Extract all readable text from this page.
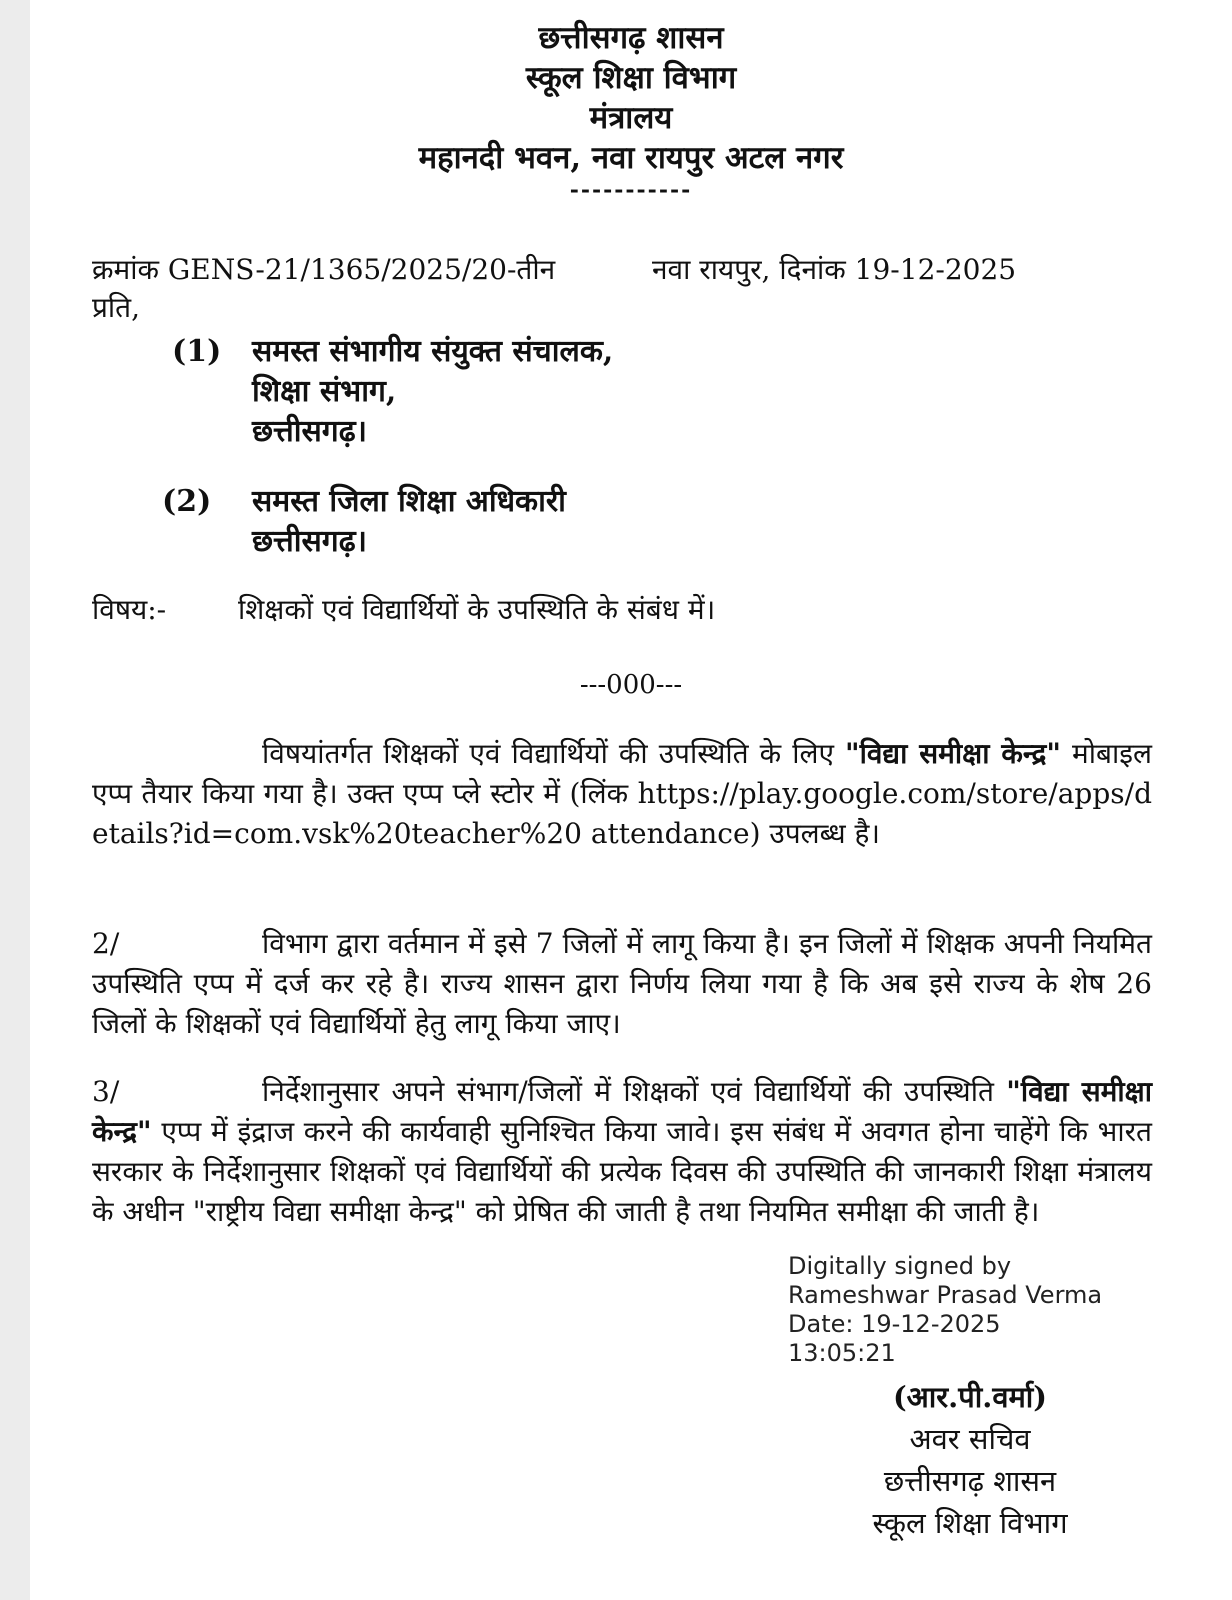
छत्तीसगढ़ शासन
स्कूल शिक्षा विभाग
मंत्रालय
महानदी भवन, नवा रायपुर अटल नगर
-----------
क्रमांक GENS-21/1365/2025/20-तीन	नवा रायपुर, दिनांक 19-12-2025
प्रति,
(1) समस्त संभागीय संयुक्त संचालक,
शिक्षा संभाग,
छत्तीसगढ़।
(2) समस्त जिला शिक्षा अधिकारी
छत्तीसगढ़।
विषय:-	शिक्षकों एवं विद्यार्थियों के उपस्थिति के संबंध में।
---000---
विषयांतर्गत शिक्षकों एवं विद्यार्थियों की उपस्थिति के लिए "विद्या समीक्षा केन्द्र" मोबाइल एप्प तैयार किया गया है। उक्त एप्प प्ले स्टोर में (लिंक https://play.google.com/store/apps/details?id=com.vsk%20teacher%20 attendance) उपलब्ध है।
2/	विभाग द्वारा वर्तमान में इसे 7 जिलों में लागू किया है। इन जिलों में शिक्षक अपनी नियमित उपस्थिति एप्प में दर्ज कर रहे है। राज्य शासन द्वारा निर्णय लिया गया है कि अब इसे राज्य के शेष 26 जिलों के शिक्षकों एवं विद्यार्थियों हेतु लागू किया जाए।
3/	निर्देशानुसार अपने संभाग/जिलों में शिक्षकों एवं विद्यार्थियों की उपस्थिति "विद्या समीक्षा केन्द्र" एप्प में इंद्राज करने की कार्यवाही सुनिश्चित किया जावे। इस संबंध में अवगत होना चाहेंगे कि भारत सरकार के निर्देशानुसार शिक्षकों एवं विद्यार्थियों की प्रत्येक दिवस की उपस्थिति की जानकारी शिक्षा मंत्रालय के अधीन "राष्ट्रीय विद्या समीक्षा केन्द्र" को प्रेषित की जाती है तथा नियमित समीक्षा की जाती है।
Digitally signed by
Rameshwar Prasad Verma
Date: 19-12-2025
13:05:21
(आर.पी.वर्मा)
अवर सचिव
छत्तीसगढ़ शासन
स्कूल शिक्षा विभाग
